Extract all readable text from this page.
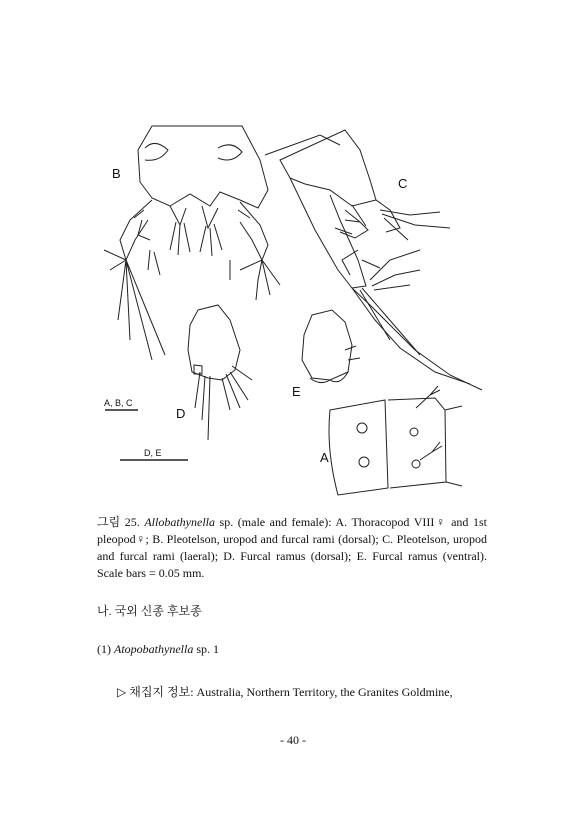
B
C
D
E
A
A, B, C
D, E
그림 25. Allobathynella sp. (male and female): A. Thoracopod VIII♀ and 1st pleopod♀; B. Pleotelson, uropod and furcal rami (dorsal); C. Pleotelson, uropod and furcal rami (laeral); D. Furcal ramus (dorsal); E. Furcal ramus (ventral). Scale bars = 0.05 mm.
나. 국외 신종 후보종
(1) Atopobathynella sp. 1
▷ 채집지 정보: Australia, Northern Territory, the Granites Goldmine,
- 40 -
